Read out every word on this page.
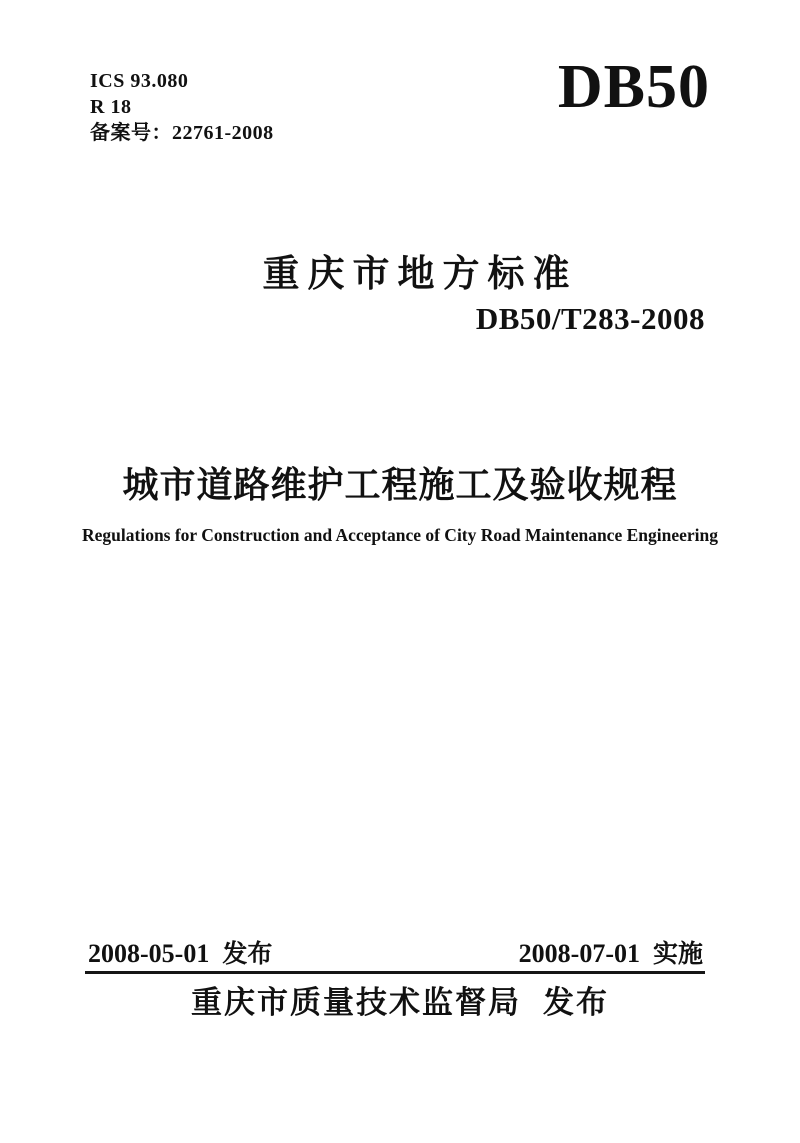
ICS 93.080
R 18
备案号：22761-2008
DB50
重庆市地方标准
DB50/T283-2008
城市道路维护工程施工及验收规程
Regulations for Construction and Acceptance of City Road Maintenance Engineering
2008-05-01 发布	2008-07-01 实施
重庆市质量技术监督局 发布
